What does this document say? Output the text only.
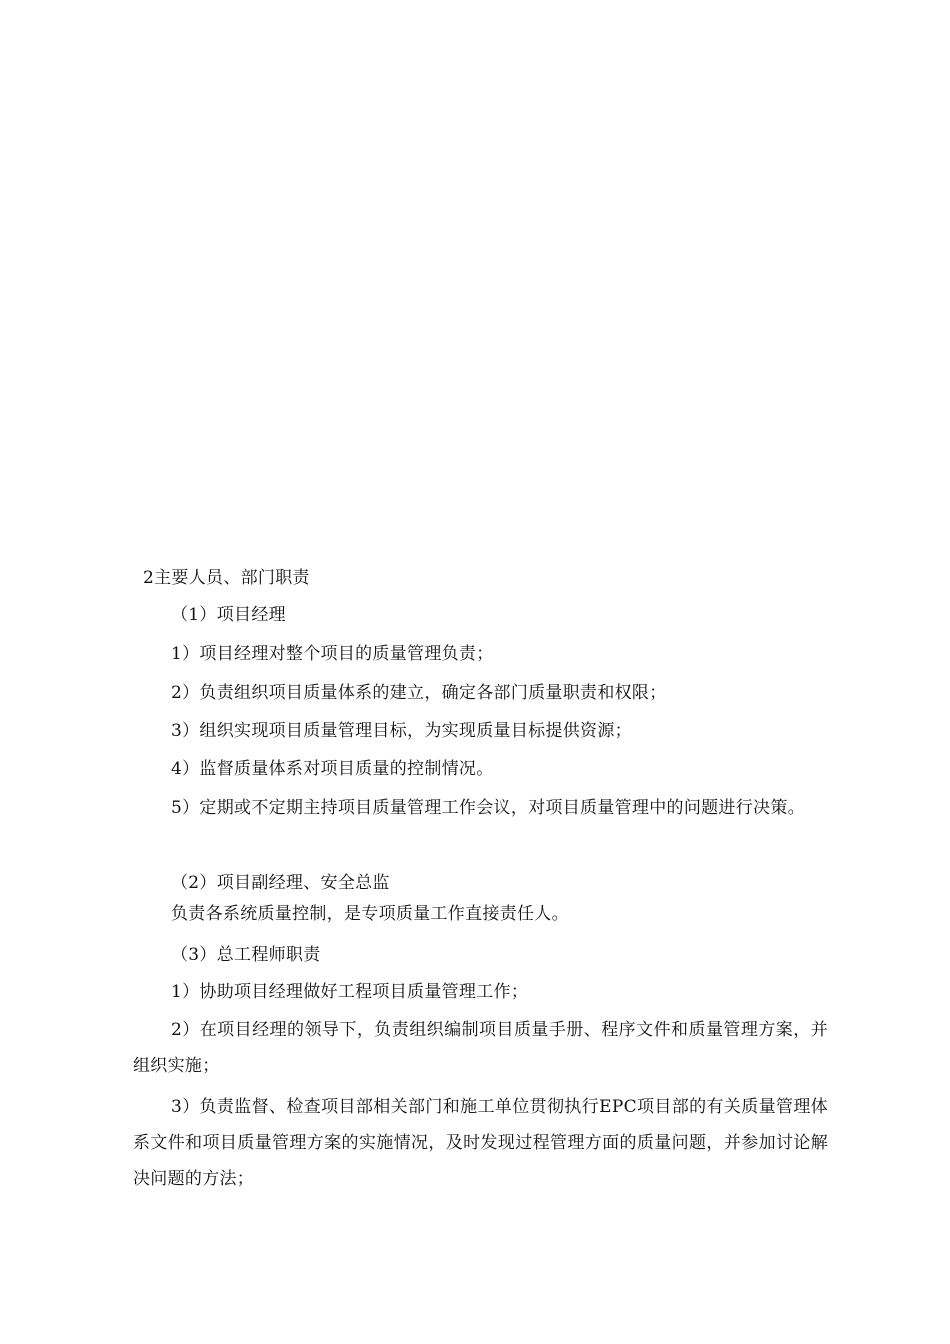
2主要人员、部门职责
（1）项目经理
1）项目经理对整个项目的质量管理负责；
2）负责组织项目质量体系的建立，确定各部门质量职责和权限；
3）组织实现项目质量管理目标，为实现质量目标提供资源；
4）监督质量体系对项目质量的控制情况。
5）定期或不定期主持项目质量管理工作会议，对项目质量管理中的问题进行决策。
（2）项目副经理、安全总监
负责各系统质量控制，是专项质量工作直接责任人。
（3）总工程师职责
1）协助项目经理做好工程项目质量管理工作；
2）在项目经理的领导下，负责组织编制项目质量手册、程序文件和质量管理方案，并组织实施；
3）负责监督、检查项目部相关部门和施工单位贯彻执行EPC项目部的有关质量管理体系文件和项目质量管理方案的实施情况，及时发现过程管理方面的质量问题，并参加讨论解决问题的方法；
